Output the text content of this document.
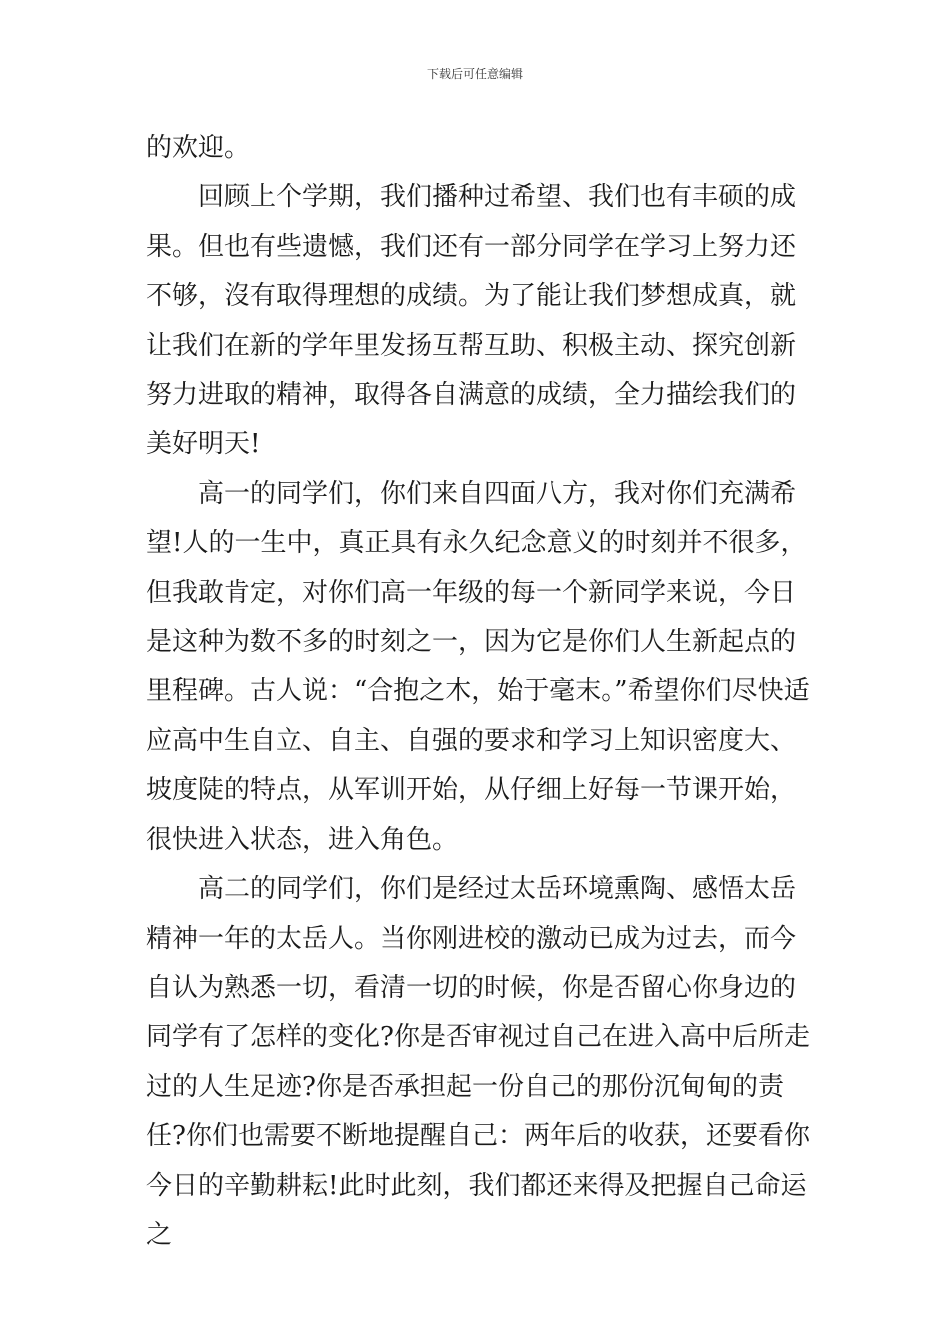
下载后可任意编辑

的欢迎。

回顾上个学期，我们播种过希望、我们也有丰硕的成果。但也有些遗憾，我们还有一部分同学在学习上努力还不够，沒有取得理想的成绩。为了能让我们梦想成真，就让我们在新的学年里发扬互帮互助、积极主动、探究创新努力进取的精神，取得各自满意的成绩，全力描绘我们的美好明天!

高一的同学们，你们来自四面八方，我对你们充满希望!人的一生中，真正具有永久纪念意义的时刻并不很多，但我敢肯定，对你们高一年级的每一个新同学来说，今日是这种为数不多的时刻之一，因为它是你们人生新起点的里程碑。古人说：“合抱之木，始于毫末。”希望你们尽快适应高中生自立、自主、自强的要求和学习上知识密度大、坡度陡的特点，从军训开始，从仔细上好每一节课开始，很快进入状态，进入角色。

高二的同学们，你们是经过太岳环境熏陶、感悟太岳精神一年的太岳人。当你刚进校的激动已成为过去，而今自认为熟悉一切，看清一切的时候，你是否留心你身边的同学有了怎样的变化?你是否审视过自己在进入高中后所走过的人生足迹?你是否承担起一份自己的那份沉甸甸的责任?你们也需要不断地提醒自己：两年后的收获，还要看你今日的辛勤耕耘!此时此刻，我们都还来得及把握自己命运之
